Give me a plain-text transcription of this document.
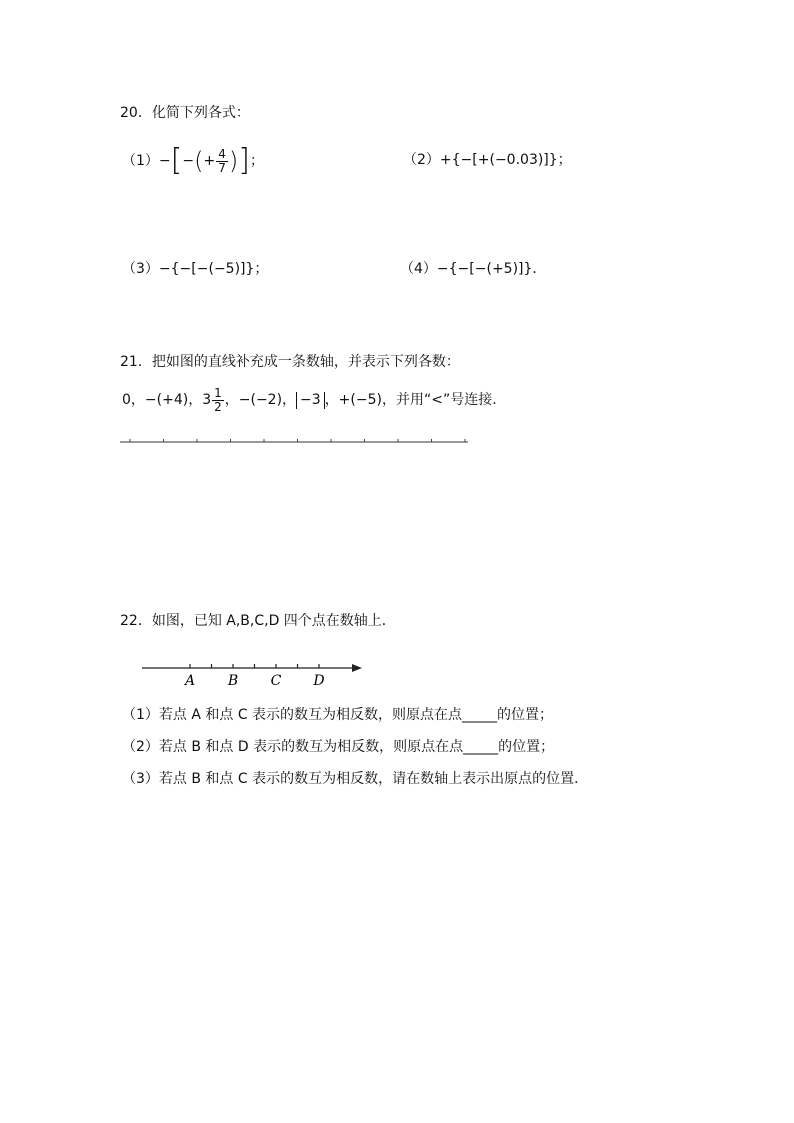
20．化简下列各式：
（1） − [ − ( + $\frac{4}{7}$ ) ] ；	（2）+{−[+(−0.03)]}；
（3）−{−[−(−5)]}；	（4）−{−[−(+5)]}．
21．把如图的直线补充成一条数轴，并表示下列各数：
0，−(+4)，$3 \frac{1}{2}$ ，−(−2)， −3 ，+(−5)，并用“<”号连接．
22．如图，已知 A,B,C,D 四个点在数轴上．
A B C D
（1）若点 A 和点 C 表示的数互为相反数，则原点在点_____的位置；
（2）若点 B 和点 D 表示的数互为相反数，则原点在点_____的位置；
（3）若点 B 和点 C 表示的数互为相反数，请在数轴上表示出原点的位置．
